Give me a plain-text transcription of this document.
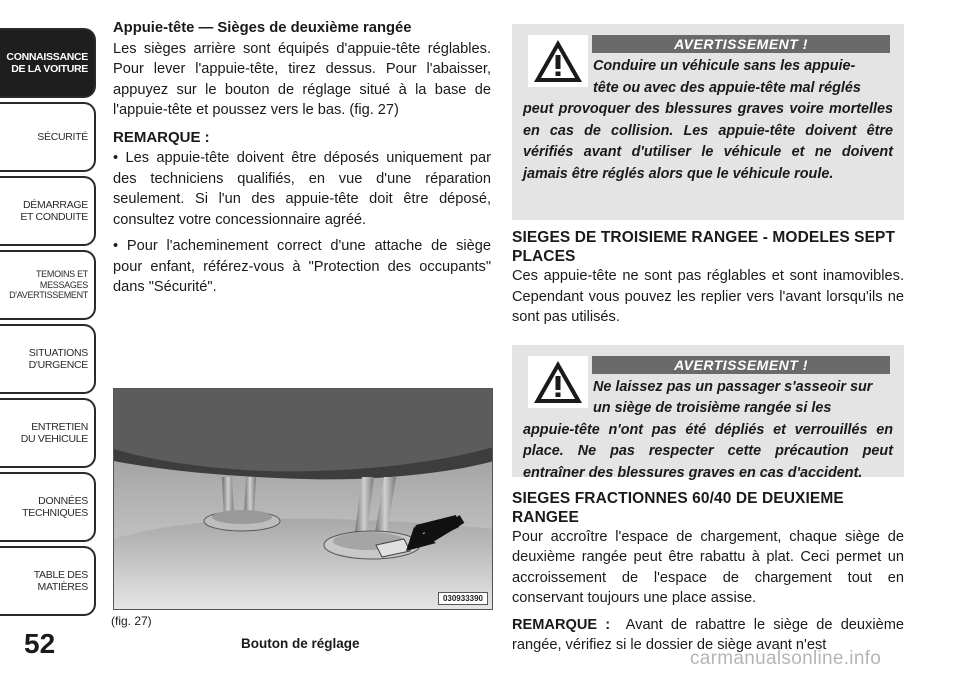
CONNAISSANCE
DE LA VOITURE
SÉCURITÉ
DÉMARRAGE
ET CONDUITE
TEMOINS ET
MESSAGES
D'AVERTISSEMENT
SITUATIONS
D'URGENCE
ENTRETIEN
DU VEHICULE
DONNÉES
TECHNIQUES
TABLE DES
MATIÈRES
52
Appuie-tête — Sièges de deuxième rangée

Les sièges arrière sont équipés d'appuie-tête réglables. Pour lever l'appuie-tête, tirez dessus. Pour l'abaisser, appuyez sur le bouton de réglage situé à la base de l'appuie-tête et poussez vers le bas. (fig. 27)

REMARQUE :

• Les appuie-tête doivent être déposés uniquement par des techniciens qualifiés, en vue d'une réparation seulement. Si l'un des appuie-tête doit être déposé, consultez votre concessionnaire agréé.

• Pour l'acheminement correct d'une attache de siège pour enfant, référez-vous à "Protection des occupants" dans "Sécurité".

030933390
(fig. 27)
Bouton de réglage
AVERTISSEMENT !
Conduire un véhicule sans les appuie-
tête ou avec des appuie-tête mal réglés
peut provoquer des blessures graves voire mortelles en cas de collision. Les appuie-tête doivent être vérifiés avant d'utiliser le véhicule et ne doivent jamais être réglés alors que le véhicule roule.
SIEGES DE TROISIEME RANGEE - MODELES SEPT PLACES

Ces appuie-tête ne sont pas réglables et sont inamovibles. Cependant vous pouvez les replier vers l'avant lorsqu'ils ne sont pas utilisés.

AVERTISSEMENT !
Ne laissez pas un passager s'asseoir sur
un siège de troisième rangée si les
appuie-tête n'ont pas été dépliés et verrouillés en place. Ne pas respecter cette précaution peut entraîner des blessures graves en cas d'accident.
SIEGES FRACTIONNES 60/40 DE DEUXIEME RANGEE

Pour accroître l'espace de chargement, chaque siège de deuxième rangée peut être rabattu à plat. Ceci permet un accroissement de l'espace de chargement tout en conservant toujours une place assise.

REMARQUE : Avant de rabattre le siège de deuxième rangée, vérifiez si le dossier de siège avant n'est

carmanualsonline.info
